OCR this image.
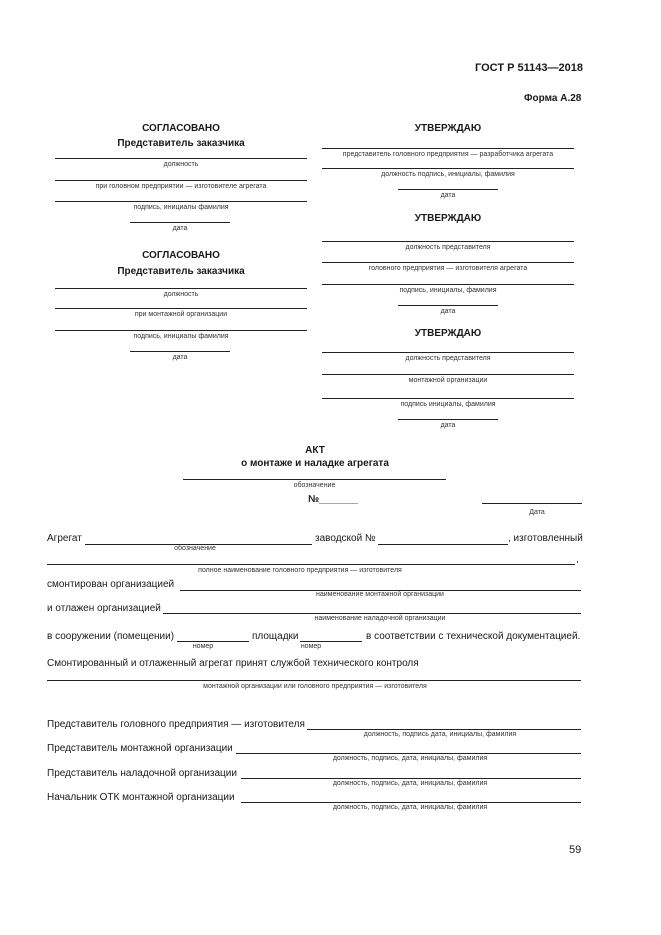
ГОСТ Р 51143—2018
Форма А.28
СОГЛАСОВАНО
Представитель заказчика
должность
при головном предприятии — изготовителе агрегата
подпись, инициалы фамилия
дата
СОГЛАСОВАНО
Представитель заказчика
должность
при монтажной организации
подпись, инициалы фамилия
дата
УТВЕРЖДАЮ
представитель головного предприятия — разработчика агрегата
должность подпись, инициалы, фамилия
дата
УТВЕРЖДАЮ
должность представителя
головного предприятия — изготовителя агрегата
подпись, инициалы, фамилия
дата
УТВЕРЖДАЮ
должность представителя
монтажной организации
подпись инициалы, фамилия
дата
АКТ
о монтаже и наладке агрегата
обозначение
№_______
Дата
Агрегат	заводской №	, изготовленный
обозначение
,
полное наименование головного предприятия — изготовителя
смонтирован организацией
наименование монтажной организации
и отлажен организацией
наименование наладочной организации
в сооружении (помещении)	площадки	в соответствии с технической документацией.
номер	номер
Смонтированный и отлаженный агрегат принят службой технического контроля
монтажной организации или головного предприятия — изготовителя
Представитель головного предприятия — изготовителя
должность, подпись дата, инициалы, фамилия
Представитель монтажной организации
должность, подпись, дата, инициалы, фамилия
Представитель наладочной организации
должность, подпись, дата, инициалы, фамилия
Начальник ОТК монтажной организации
должность, подпись, дата, инициалы, фамилия
59
